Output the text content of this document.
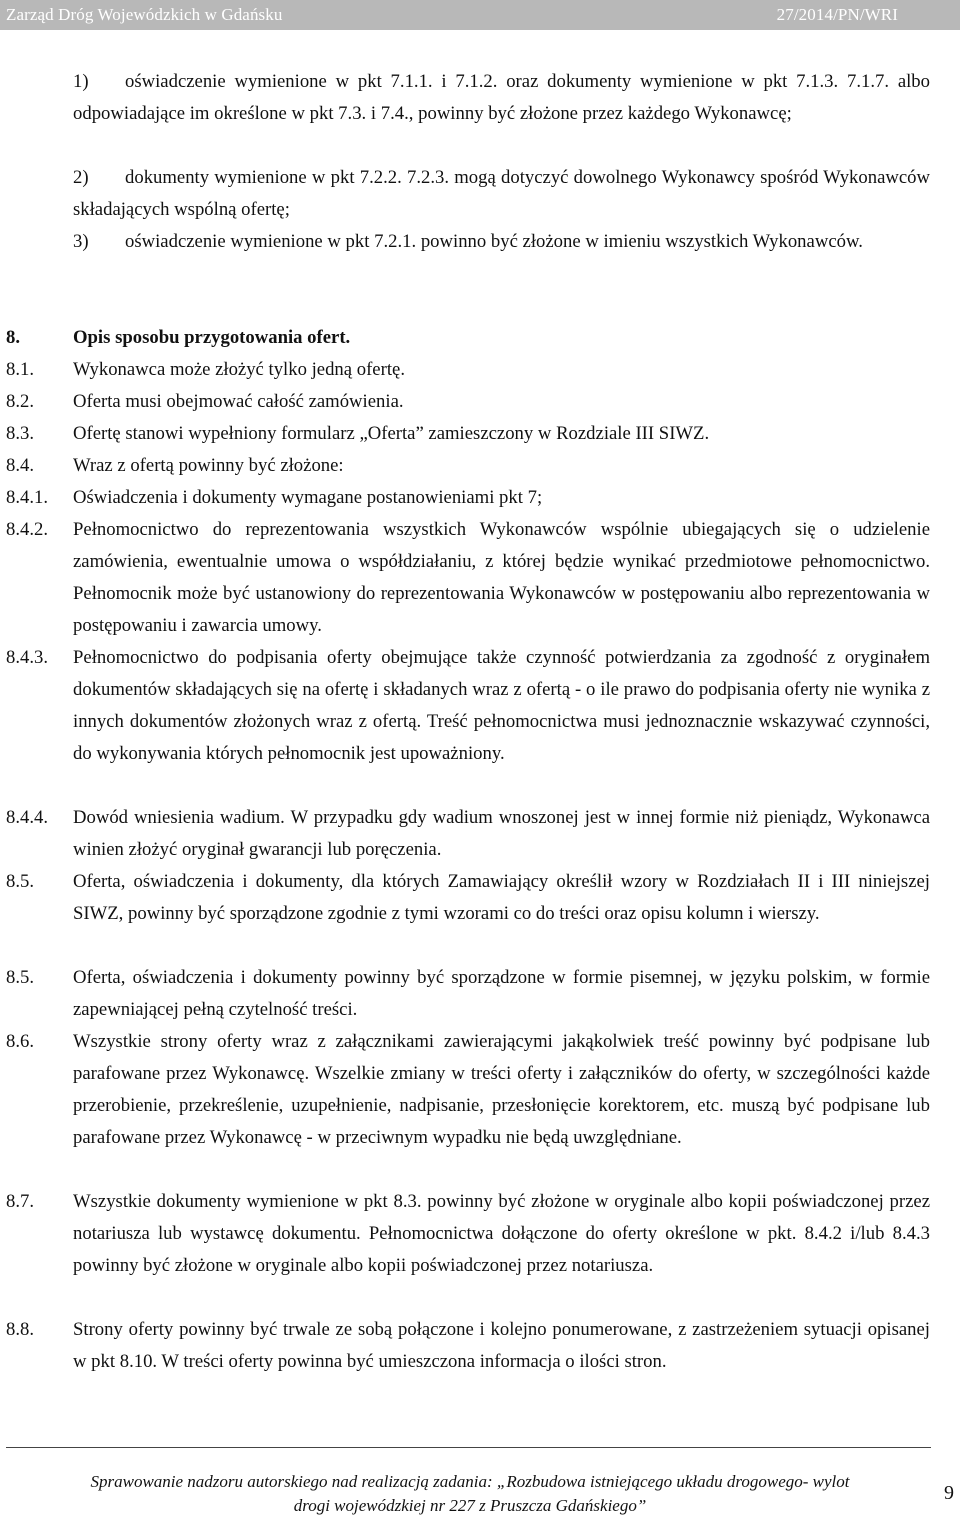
Zarząd Dróg Wojewódzkich w Gdańsku	27/2014/PN/WRI
1)	oświadczenie wymienione w pkt 7.1.1. i 7.1.2. oraz dokumenty wymienione w pkt 7.1.3. 7.1.7. albo odpowiadające im określone w pkt 7.3. i 7.4., powinny być złożone przez każdego Wykonawcę;
2)	dokumenty wymienione w pkt 7.2.2. 7.2.3. mogą dotyczyć dowolnego Wykonawcy spośród Wykonawców składających wspólną ofertę;
3)	oświadczenie wymienione w pkt 7.2.1. powinno być złożone w imieniu wszystkich Wykonawców.
8.	Opis sposobu przygotowania ofert.
8.1. Wykonawca może złożyć tylko jedną ofertę.
8.2. Oferta musi obejmować całość zamówienia.
8.3. Ofertę stanowi wypełniony formularz „Oferta” zamieszczony w Rozdziale III SIWZ.
8.4. Wraz z ofertą powinny być złożone:
8.4.1. Oświadczenia i dokumenty wymagane postanowieniami pkt 7;
8.4.2. Pełnomocnictwo do reprezentowania wszystkich Wykonawców wspólnie ubiegających się o udzielenie zamówienia, ewentualnie umowa o współdziałaniu, z której będzie wynikać przedmiotowe pełnomocnictwo. Pełnomocnik może być ustanowiony do reprezentowania Wykonawców w postępowaniu albo reprezentowania w postępowaniu i zawarcia umowy.
8.4.3. Pełnomocnictwo do podpisania oferty obejmujące także czynność potwierdzania za zgodność z oryginałem dokumentów składających się na ofertę i składanych wraz z ofertą - o ile prawo do podpisania oferty nie wynika z innych dokumentów złożonych wraz z ofertą. Treść pełnomocnictwa musi jednoznacznie wskazywać czynności, do wykonywania których pełnomocnik jest upoważniony.
8.4.4. Dowód wniesienia wadium. W przypadku gdy wadium wnoszonej jest w innej formie niż pieniądz, Wykonawca winien złożyć oryginał gwarancji lub poręczenia.
8.5. Oferta, oświadczenia i dokumenty, dla których Zamawiający określił wzory w Rozdziałach II i III niniejszej SIWZ, powinny być sporządzone zgodnie z tymi wzorami co do treści oraz opisu kolumn i wierszy.
8.5. Oferta, oświadczenia i dokumenty powinny być sporządzone w formie pisemnej, w języku polskim, w formie zapewniającej pełną czytelność treści.
8.6. Wszystkie strony oferty wraz z załącznikami zawierającymi jakąkolwiek treść powinny być podpisane lub parafowane przez Wykonawcę. Wszelkie zmiany w treści oferty i załączników do oferty, w szczególności każde przerobienie, przekreślenie, uzupełnienie, nadpisanie, przesłonięcie korektorem, etc. muszą być podpisane lub parafowane przez Wykonawcę - w przeciwnym wypadku nie będą uwzględniane.
8.7. Wszystkie dokumenty wymienione w pkt 8.3. powinny być złożone w oryginale albo kopii poświadczonej przez notariusza lub wystawcę dokumentu. Pełnomocnictwa dołączone do oferty określone w pkt. 8.4.2 i/lub 8.4.3 powinny być złożone w oryginale albo kopii poświadczonej przez notariusza.
8.8. Strony oferty powinny być trwale ze sobą połączone i kolejno ponumerowane, z zastrzeżeniem sytuacji opisanej w pkt 8.10. W treści oferty powinna być umieszczona informacja o ilości stron.
Sprawowanie nadzoru autorskiego nad realizacją zadania: „Rozbudowa istniejącego układu drogowego- wylot
drogi wojewódzkiej nr 227 z Pruszcza Gdańskiego”
9
